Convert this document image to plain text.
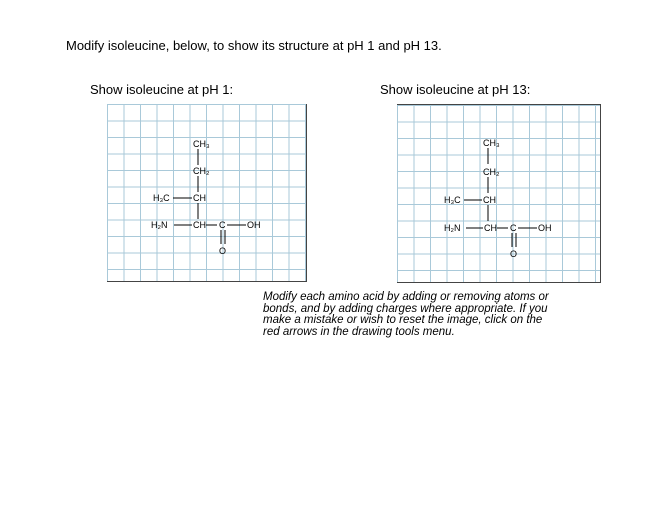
Modify isoleucine, below, to show its structure at pH 1 and pH 13.
Show isoleucine at pH 1:	Show isoleucine at pH 13:
CH₃
CH₂
H₃C	CH
H₂N	CH C OH
O
CH₃
CH₂
H₃C CH
H₂N	CH C OH
O
Modify each amino acid by adding or removing atoms or bonds, and by adding charges where appropriate. If you make a mistake or wish to reset the image, click on the red arrows in the drawing tools menu.
